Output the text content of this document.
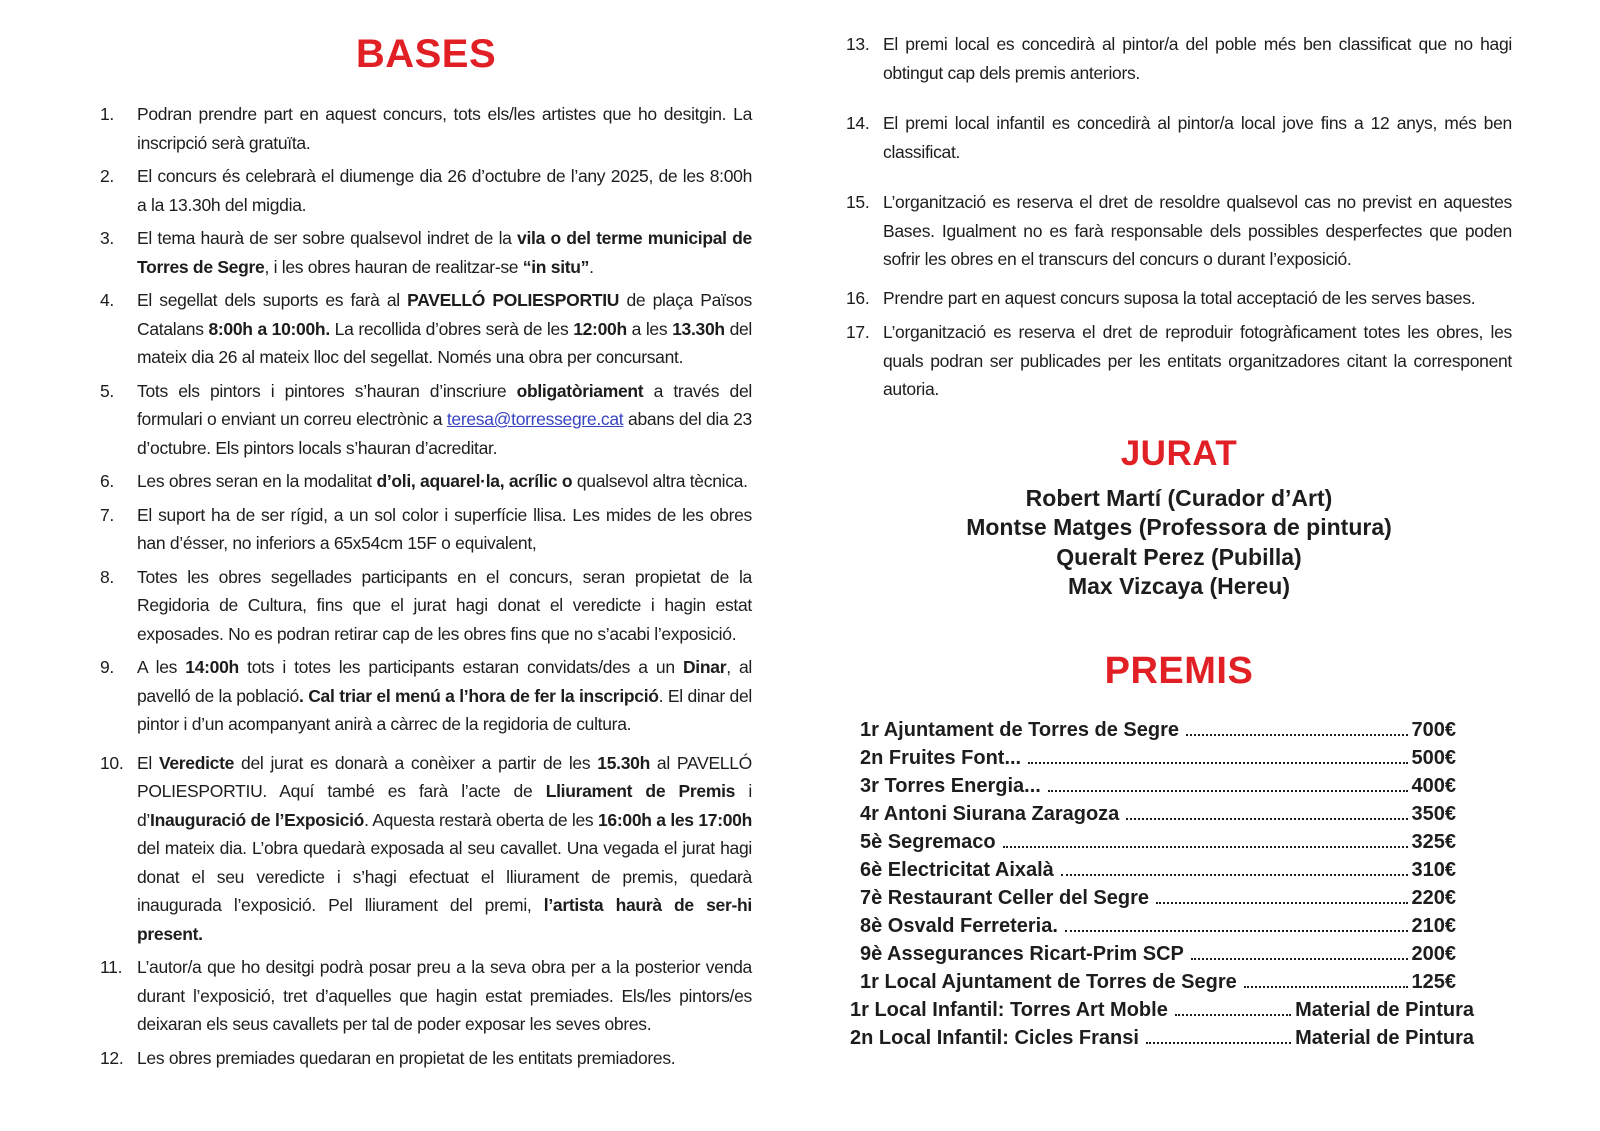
BASES
1.	Podran prendre part en aquest concurs, tots els/les artistes que ho desitgin. La inscripció serà gratuïta.

2.	El concurs és celebrarà el diumenge dia 26 d’octubre de l’any 2025, de les 8:00h a la 13.30h del migdia.

3.	El tema haurà de ser sobre qualsevol indret de la vila o del terme municipal de Torres de Segre, i les obres hauran de realitzar-se “in situ”.

4.	El segellat dels suports es farà al PAVELLÓ POLIESPORTIU de plaça Països Catalans 8:00h a 10:00h. La recollida d’obres serà de les 12:00h a les 13.30h del mateix dia 26 al mateix lloc del segellat. Només una obra per concursant.

5.	Tots els pintors i pintores s’hauran d’inscriure obligatòriament a través del formulari o enviant un correu electrònic a teresa@torressegre.cat abans del dia 23 d’octubre. Els pintors locals s’hauran d’acreditar.

6.	Les obres seran en la modalitat d’oli, aquarel·la, acrílic o qualsevol altra tècnica.

7.	El suport ha de ser rígid, a un sol color i superfície llisa. Les mides de les obres han d’ésser, no inferiors a 65x54cm 15F o equivalent,

8.	Totes les obres segellades participants en el concurs, seran propietat de la Regidoria de Cultura, fins que el jurat hagi donat el veredicte i hagin estat exposades. No es podran retirar cap de les obres fins que no s’acabi l’exposició.

9.	A les 14:00h tots i totes les participants estaran convidats/des a un Dinar, al pavelló de la població. Cal triar el menú a l’hora de fer la inscripció. El dinar del pintor i d’un acompanyant anirà a càrrec de la regidoria de cultura.

10. El Veredicte del jurat es donarà a conèixer a partir de les 15.30h al PAVELLÓ POLIESPORTIU. Aquí també es farà l’acte de Lliurament de Premis i d’Inauguració de l’Exposició. Aquesta restarà oberta de les 16:00h a les 17:00h del mateix dia. L’obra quedarà exposada al seu cavallet. Una vegada el jurat hagi donat el seu veredicte i s’hagi efectuat el lliurament de premis, quedarà inaugurada l’exposició. Pel lliurament del premi, l’artista haurà de ser-hi present.

11. L’autor/a que ho desitgi podrà posar preu a la seva obra per a la posterior venda durant l’exposició, tret d’aquelles que hagin estat premiades. Els/les pintors/es deixaran els seus cavallets per tal de poder exposar les seves obres.

12. Les obres premiades quedaran en propietat de les entitats premiadores.

13. El premi local es concedirà al pintor/a del poble més ben classificat que no hagi obtingut cap dels premis anteriors.

14. El premi local infantil es concedirà al pintor/a local jove fins a 12 anys, més ben classificat.

15. L’organització es reserva el dret de resoldre qualsevol cas no previst en aquestes Bases. Igualment no es farà responsable dels possibles desperfectes que poden sofrir les obres en el transcurs del concurs o durant l’exposició.

16. Prendre part en aquest concurs suposa la total acceptació de les serves bases.

17. L’organització es reserva el dret de reproduir fotogràficament totes les obres, les quals podran ser publicades per les entitats organitzadores citant la corresponent autoria.

JURAT
Robert Martí (Curador d’Art)
Montse Matges (Professora de pintura)
Queralt Perez (Pubilla)
Max Vizcaya (Hereu)
PREMIS
1r Ajuntament de Torres de Segre	700€
2n Fruites Font...	500€
3r Torres Energia...	400€
4r Antoni Siurana Zaragoza	350€
5è Segremaco	325€
6è Electricitat Aixalà	310€
7è Restaurant Celler del Segre	220€
8è Osvald Ferreteria.	210€
9è Assegurances Ricart-Prim SCP	200€
1r Local Ajuntament de Torres de Segre	125€
1r Local Infantil: Torres Art Moble	Material de Pintura
2n Local Infantil: Cicles Fransi	Material de Pintura
